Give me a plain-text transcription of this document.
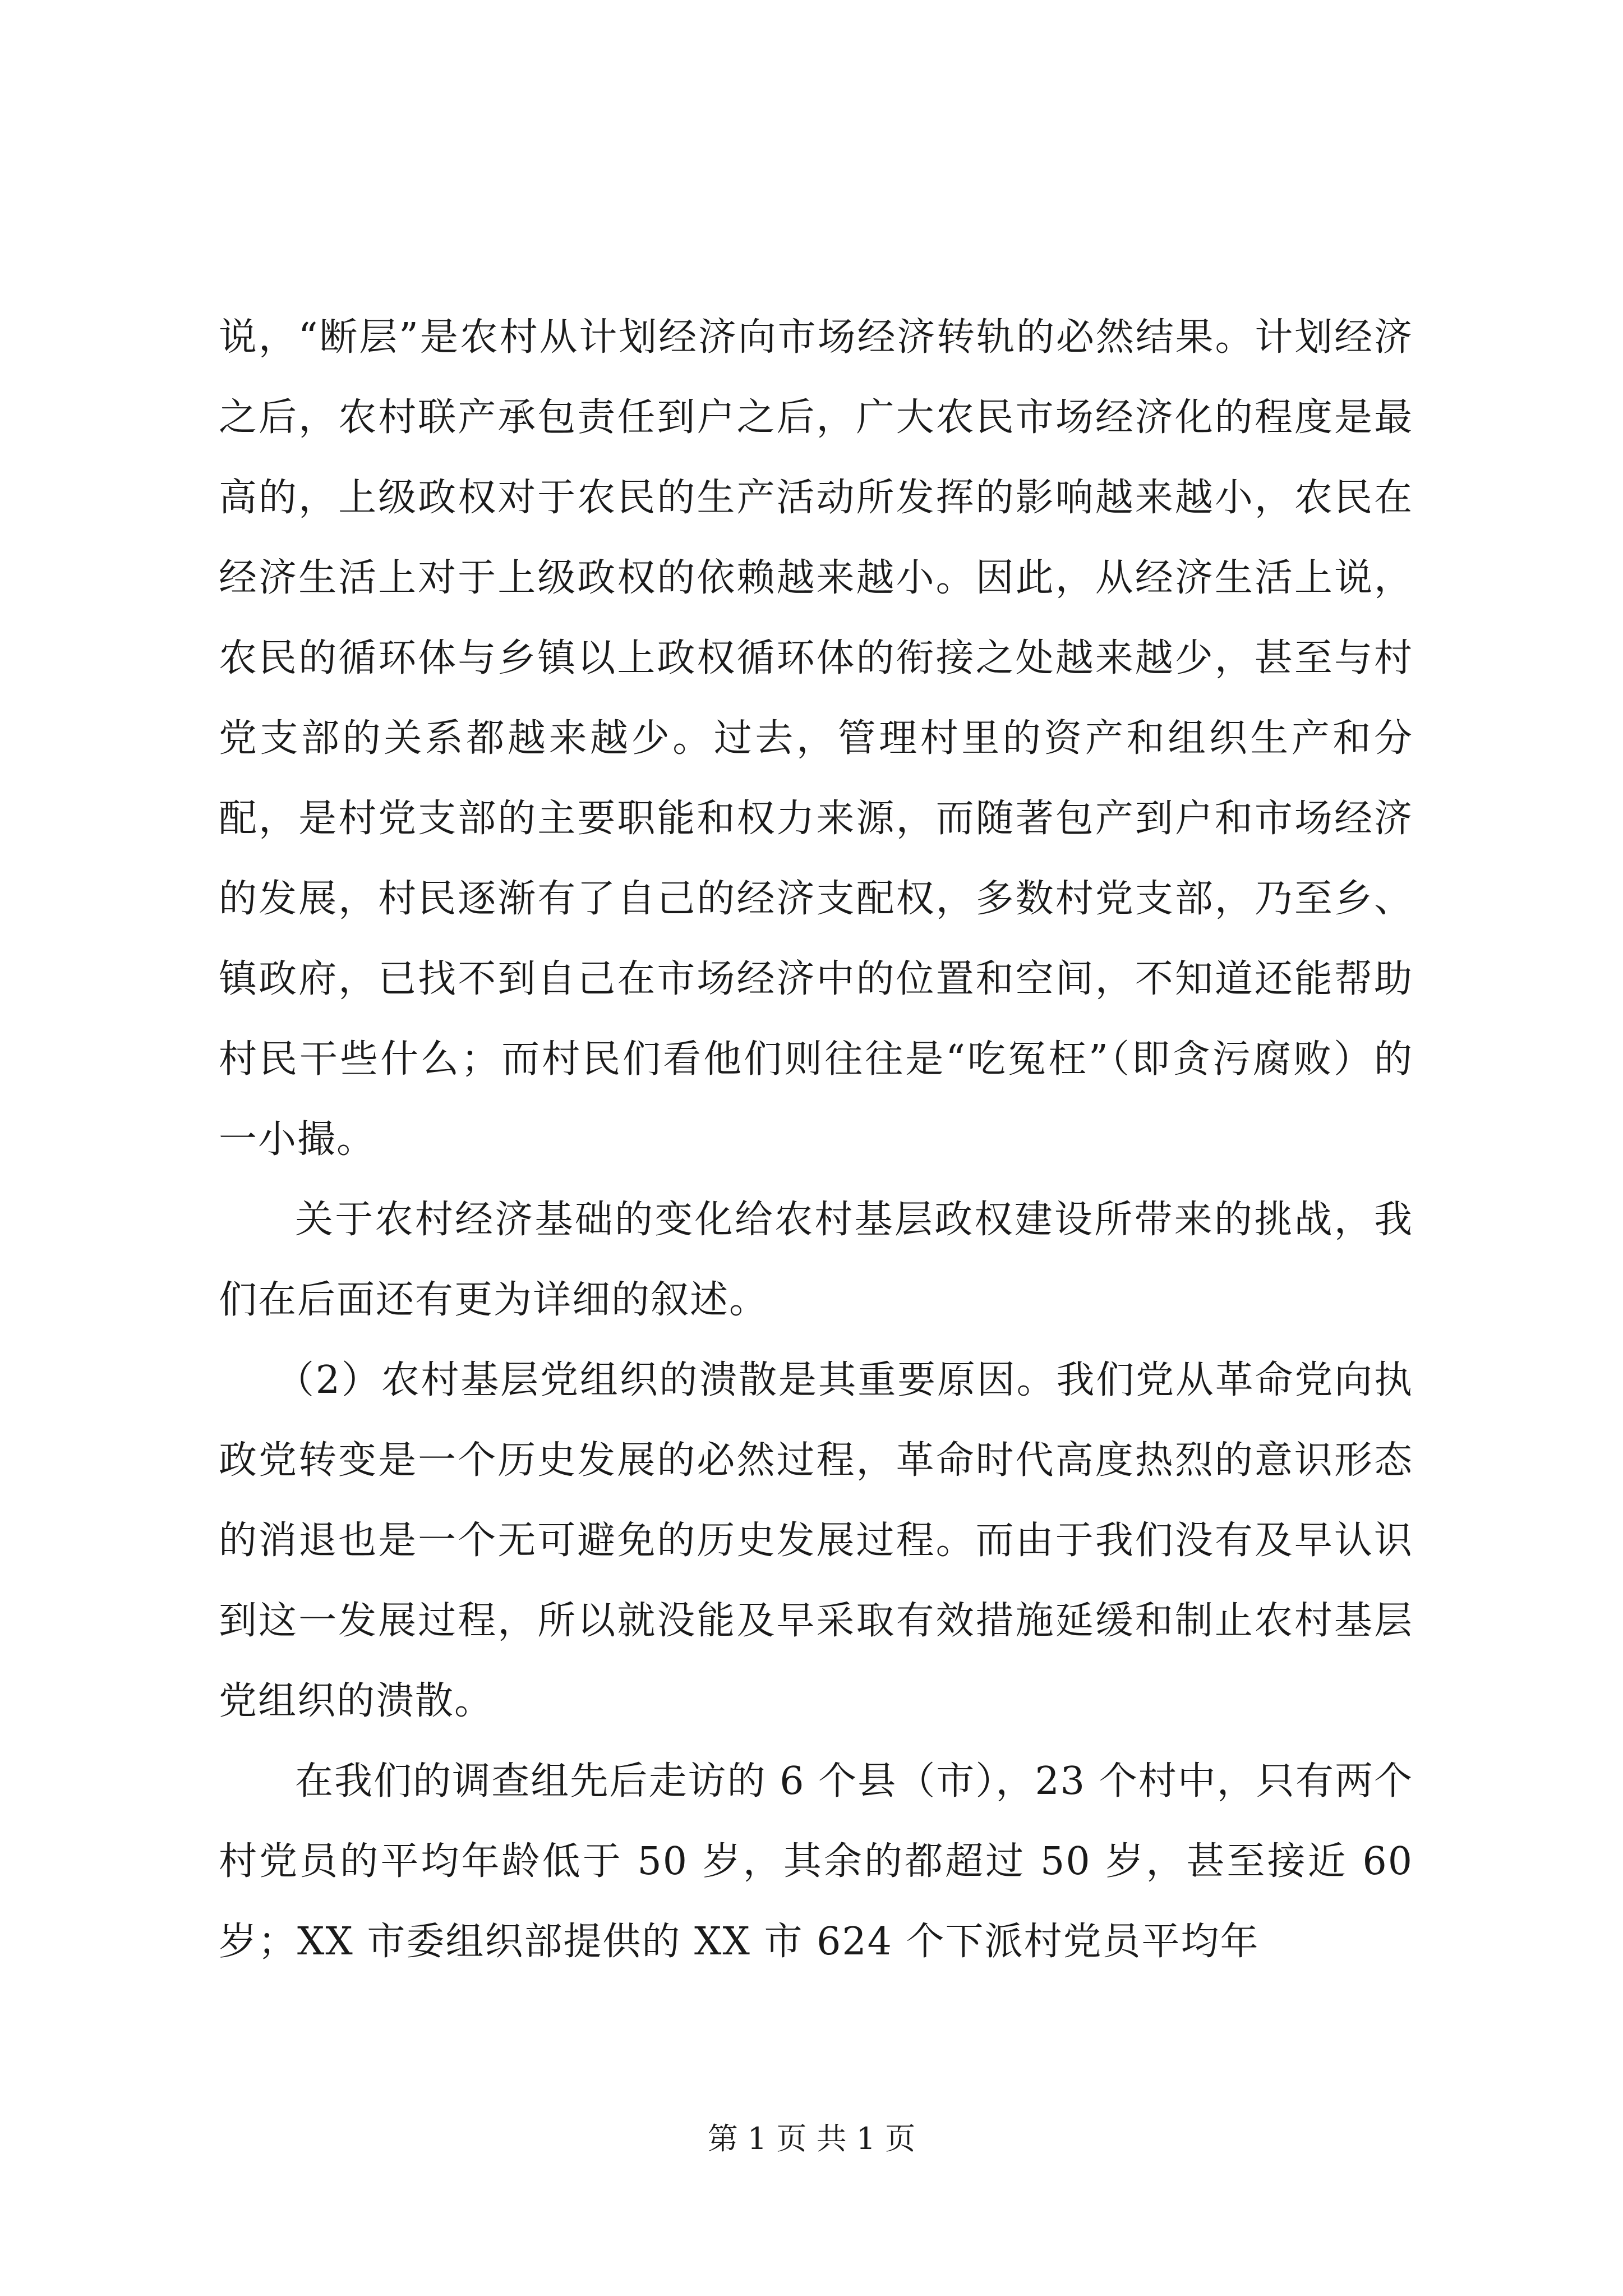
说，“断层”是农村从计划经济向市场经济转轨的必然结果。计划经济之后，农村联产承包责任到户之后，广大农民市场经济化的程度是最高的，上级政权对于农民的生产活动所发挥的影响越来越小，农民在经济生活上对于上级政权的依赖越来越小。因此，从经济生活上说，农民的循环体与乡镇以上政权循环体的衔接之处越来越少，甚至与村党支部的关系都越来越少。过去，管理村里的资产和组织生产和分配，是村党支部的主要职能和权力来源，而随著包产到户和市场经济的发展，村民逐渐有了自己的经济支配权，多数村党支部，乃至乡、镇政府，已找不到自己在市场经济中的位置和空间，不知道还能帮助村民干些什么；而村民们看他们则往往是“吃冤枉”（即贪污腐败）的一小撮。

关于农村经济基础的变化给农村基层政权建设所带来的挑战，我们在后面还有更为详细的叙述。

（2）农村基层党组织的溃散是其重要原因。我们党从革命党向执政党转变是一个历史发展的必然过程，革命时代高度热烈的意识形态的消退也是一个无可避免的历史发展过程。而由于我们没有及早认识到这一发展过程，所以就没能及早采取有效措施延缓和制止农村基层党组织的溃散。

在我们的调查组先后走访的 6 个县（市），23 个村中，只有两个村党员的平均年龄低于 50 岁，其余的都超过 50 岁，甚至接近 60 岁；XX 市委组织部提供的 XX 市 624 个下派村党员平均年

第 1 页 共 1 页
